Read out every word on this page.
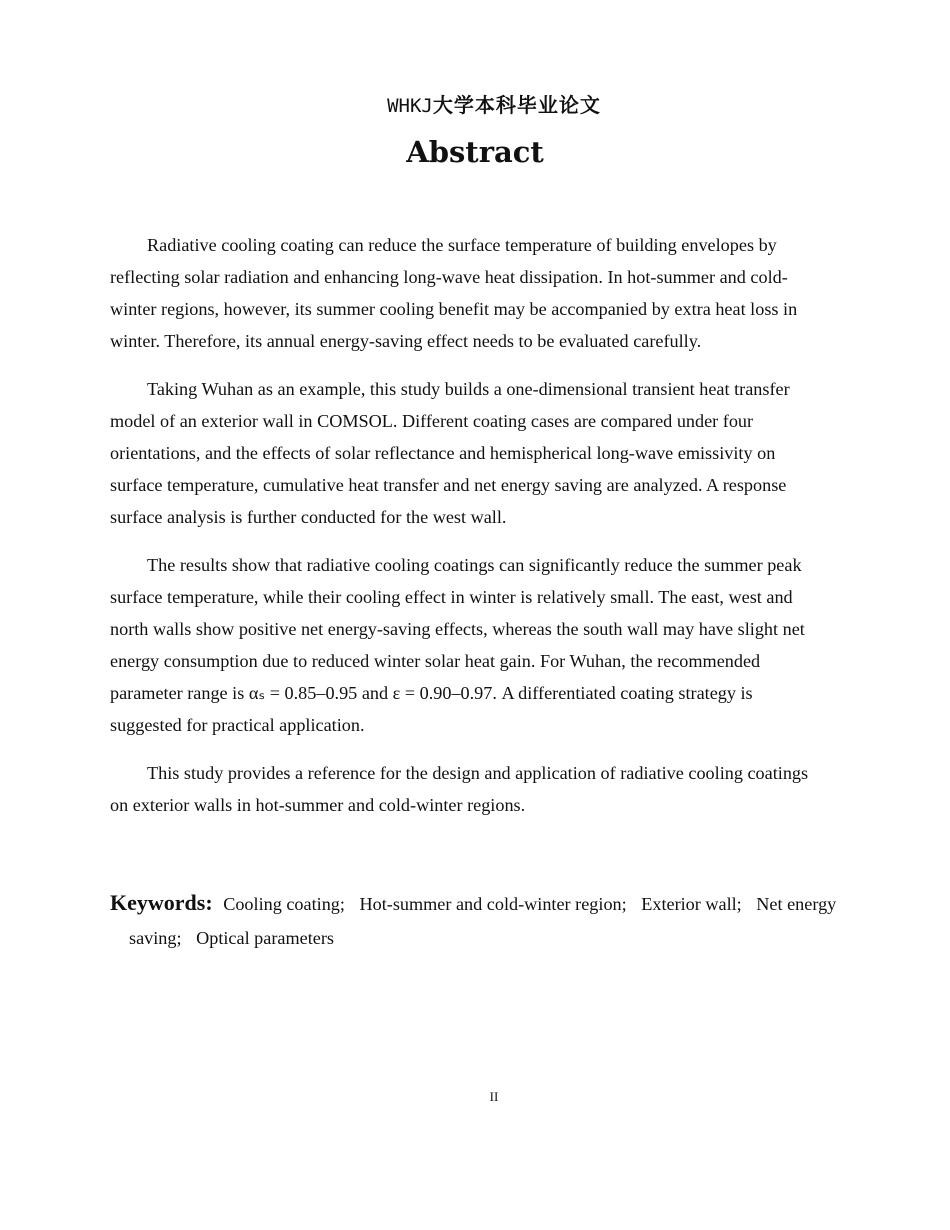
WHKJ大学本科毕业论文
Abstract

Radiative cooling coating can reduce the surface temperature of building envelopes by reflecting solar radiation and enhancing long-wave heat dissipation. In hot-summer and cold-winter regions, however, its summer cooling benefit may be accompanied by extra heat loss in winter. Therefore, its annual energy-saving effect needs to be evaluated carefully.

Taking Wuhan as an example, this study builds a one-dimensional transient heat transfer model of an exterior wall in COMSOL. Different coating cases are compared under four orientations, and the effects of solar reflectance and hemispherical long-wave emissivity on surface temperature, cumulative heat transfer and net energy saving are analyzed. A response surface analysis is further conducted for the west wall.

The results show that radiative cooling coatings can significantly reduce the summer peak surface temperature, while their cooling effect in winter is relatively small. The east, west and north walls show positive net energy-saving effects, whereas the south wall may have slight net energy consumption due to reduced winter solar heat gain. For Wuhan, the recommended parameter range is αₛ = 0.85–0.95 and ε = 0.90–0.97. A differentiated coating strategy is suggested for practical application.

This study provides a reference for the design and application of radiative cooling coatings on exterior walls in hot-summer and cold-winter regions.

Keywords: Cooling coating; Hot-summer and cold-winter region; Exterior wall; Net energy saving; Optical parameters
II
